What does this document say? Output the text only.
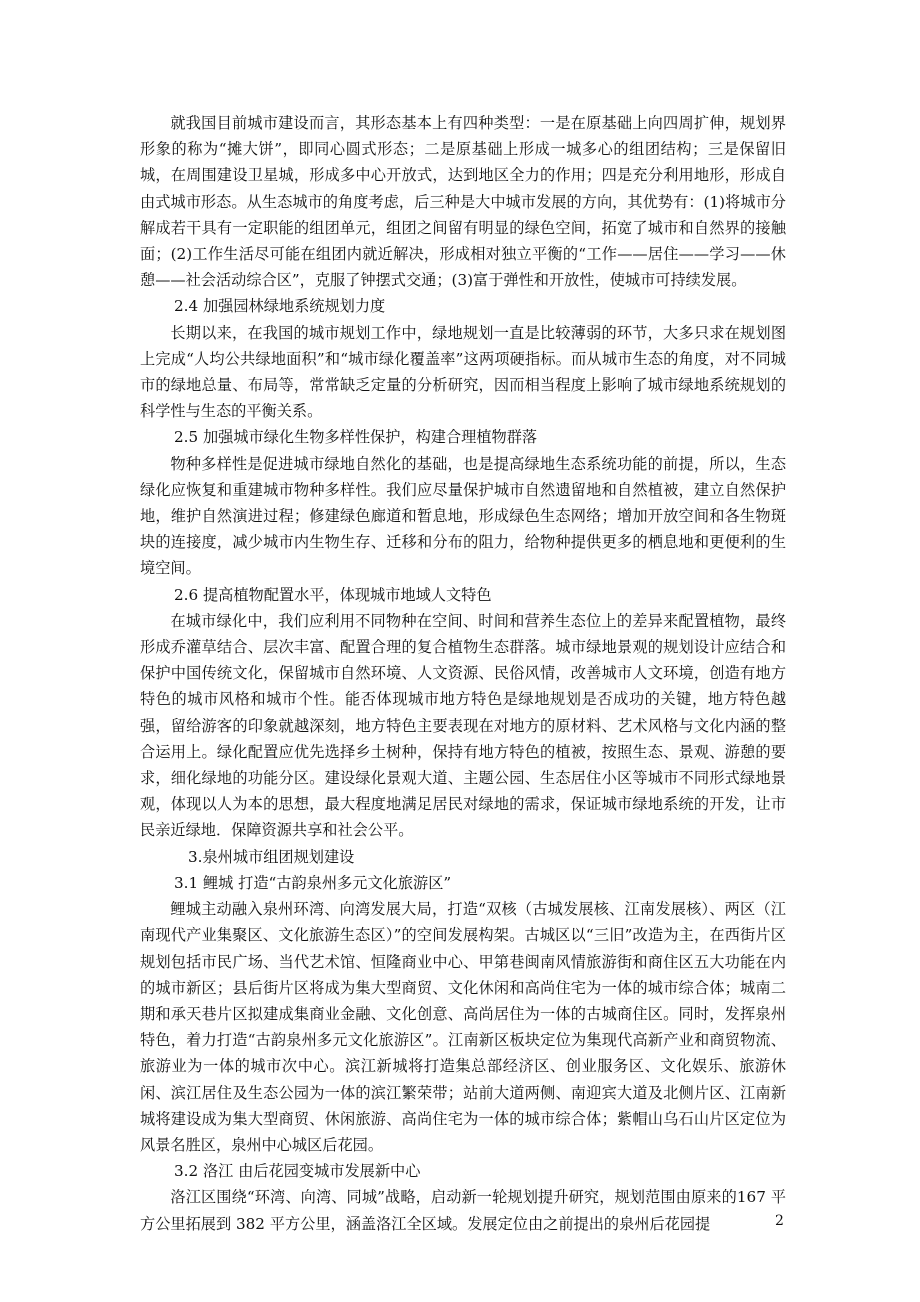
就我国目前城市建设而言，其形态基本上有四种类型：一是在原基础上向四周扩伸，规划界形象的称为“摊大饼”，即同心圆式形态；二是原基础上形成一城多心的组团结构；三是保留旧城，在周围建设卫星城，形成多中心开放式，达到地区全力的作用；四是充分利用地形，形成自由式城市形态。从生态城市的角度考虑，后三种是大中城市发展的方向，其优势有：(1)将城市分解成若干具有一定职能的组团单元，组团之间留有明显的绿色空间，拓宽了城市和自然界的接触面；(2)工作生活尽可能在组团内就近解决，形成相对独立平衡的“工作——居住——学习——休憩——社会活动综合区”，克服了钟摆式交通；(3)富于弹性和开放性，使城市可持续发展。

2.4 加强园林绿地系统规划力度

长期以来，在我国的城市规划工作中，绿地规划一直是比较薄弱的环节，大多只求在规划图上完成“人均公共绿地面积”和“城市绿化覆盖率”这两项硬指标。而从城市生态的角度，对不同城市的绿地总量、布局等，常常缺乏定量的分析研究，因而相当程度上影响了城市绿地系统规划的科学性与生态的平衡关系。

2.5 加强城市绿化生物多样性保护，构建合理植物群落

物种多样性是促进城市绿地自然化的基础，也是提高绿地生态系统功能的前提，所以，生态绿化应恢复和重建城市物种多样性。我们应尽量保护城市自然遗留地和自然植被，建立自然保护地，维护自然演进过程；修建绿色廊道和暂息地，形成绿色生态网络；增加开放空间和各生物斑块的连接度，减少城市内生物生存、迁移和分布的阻力，给物种提供更多的栖息地和更便利的生境空间。

2.6 提高植物配置水平，体现城市地域人文特色

在城市绿化中，我们应利用不同物种在空间、时间和营养生态位上的差异来配置植物，最终形成乔灌草结合、层次丰富、配置合理的复合植物生态群落。城市绿地景观的规划设计应结合和保护中国传统文化，保留城市自然环境、人文资源、民俗风情，改善城市人文环境，创造有地方特色的城市风格和城市个性。能否体现城市地方特色是绿地规划是否成功的关键，地方特色越强，留给游客的印象就越深刻，地方特色主要表现在对地方的原材料、艺术风格与文化内涵的整合运用上。绿化配置应优先选择乡土树种，保持有地方特色的植被，按照生态、景观、游憩的要求，细化绿地的功能分区。建设绿化景观大道、主题公园、生态居住小区等城市不同形式绿地景观，体现以人为本的思想，最大程度地满足居民对绿地的需求，保证城市绿地系统的开发，让市民亲近绿地．保障资源共享和社会公平。

3.泉州城市组团规划建设

3.1 鲤城 打造“古韵泉州多元文化旅游区”

鲤城主动融入泉州环湾、向湾发展大局，打造“双核（古城发展核、江南发展核）、两区（江南现代产业集聚区、文化旅游生态区）”的空间发展构架。古城区以“三旧”改造为主，在西街片区规划包括市民广场、当代艺术馆、恒隆商业中心、甲第巷闽南风情旅游街和商住区五大功能在内的城市新区；县后街片区将成为集大型商贸、文化休闲和高尚住宅为一体的城市综合体；城南二期和承天巷片区拟建成集商业金融、文化创意、高尚居住为一体的古城商住区。同时，发挥泉州特色，着力打造“古韵泉州多元文化旅游区”。江南新区板块定位为集现代高新产业和商贸物流、旅游业为一体的城市次中心。滨江新城将打造集总部经济区、创业服务区、文化娱乐、旅游休闲、滨江居住及生态公园为一体的滨江繁荣带；站前大道两侧、南迎宾大道及北侧片区、江南新城将建设成为集大型商贸、休闲旅游、高尚住宅为一体的城市综合体；紫帽山乌石山片区定位为风景名胜区，泉州中心城区后花园。

3.2 洛江 由后花园变城市发展新中心

洛江区围绕“环湾、向湾、同城”战略，启动新一轮规划提升研究，规划范围由原来的167 平方公里拓展到 382 平方公里，涵盖洛江全区域。发展定位由之前提出的泉州后花园提	2
